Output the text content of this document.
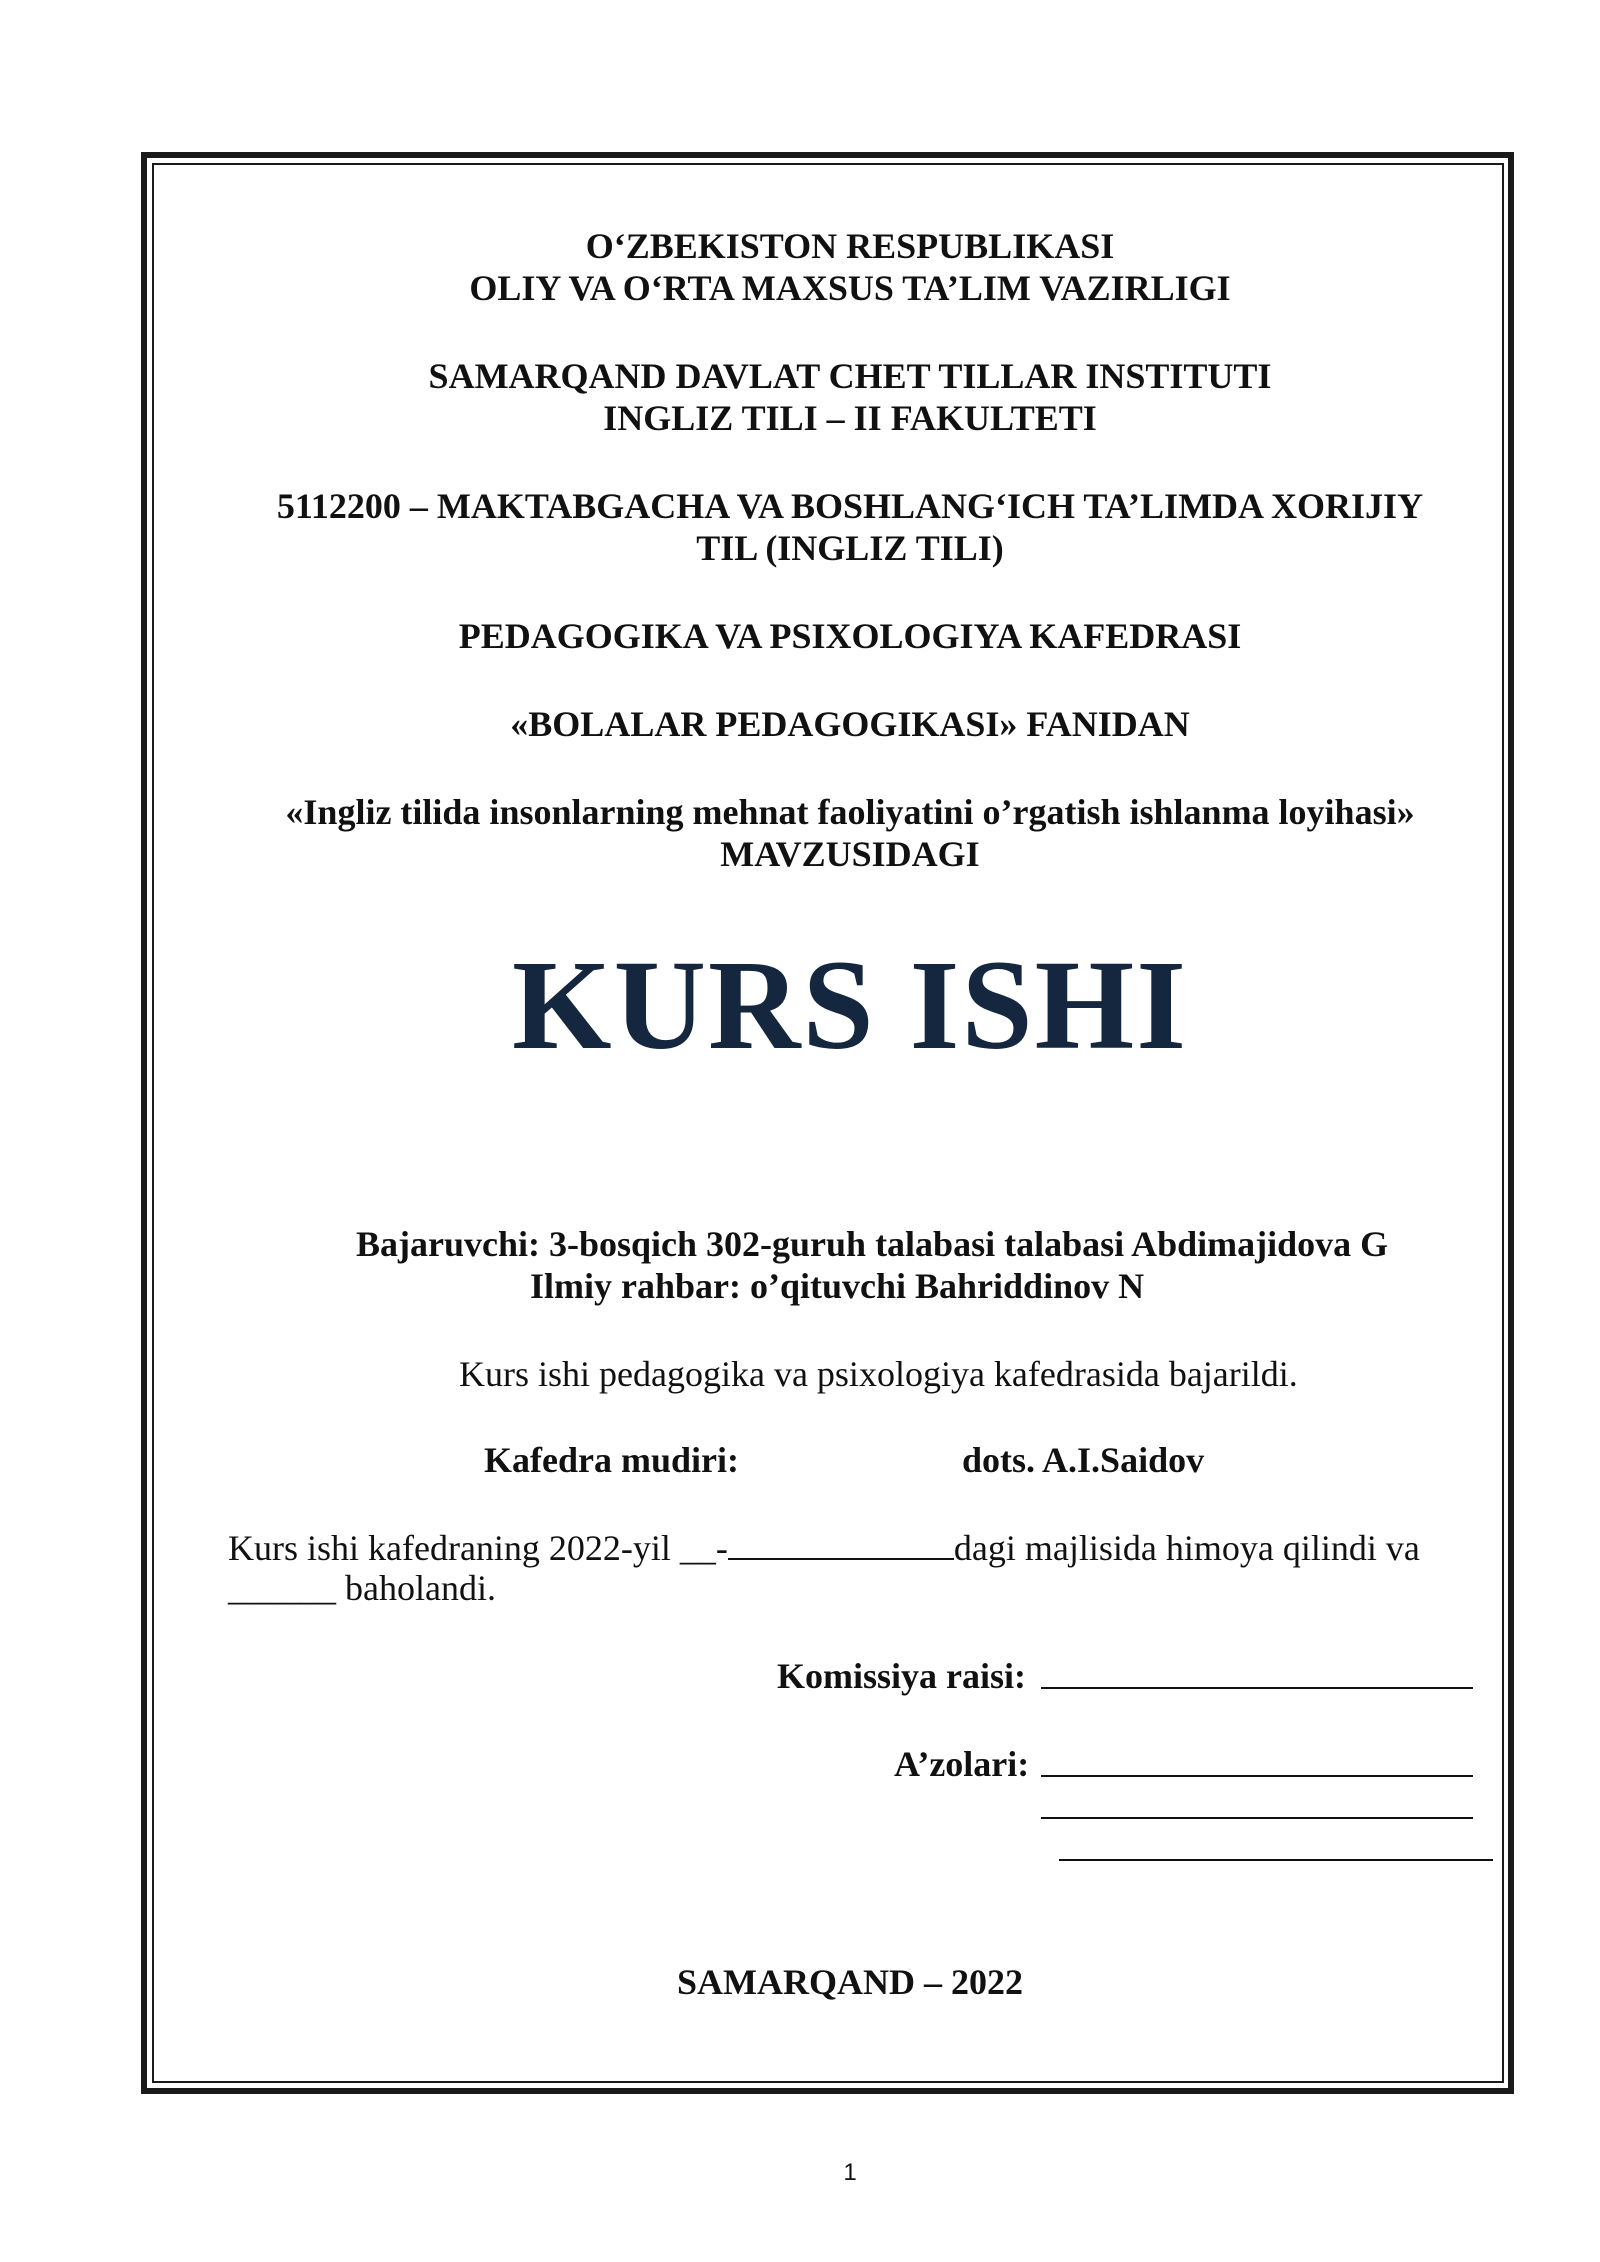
O‘ZBEKISTON RESPUBLIKASI
OLIY VA O‘RTA MAXSUS TA’LIM VAZIRLIGI
SAMARQAND DAVLAT CHET TILLAR INSTITUTI
INGLIZ TILI – II FAKULTETI
5112200 – MAKTABGACHA VA BOSHLANG‘ICH TA’LIMDA XORIJIY
TIL (INGLIZ TILI)
PEDAGOGIKA VA PSIXOLOGIYA KAFEDRASI
«BOLALAR PEDAGOGIKASI» FANIDAN
«Ingliz tilida insonlarning mehnat faoliyatini o’rgatish ishlanma loyihasi»
MAVZUSIDAGI
KURS ISHI
Bajaruvchi: 3-bosqich 302-guruh talabasi talabasi Abdimajidova G
Ilmiy rahbar: o’qituvchi Bahriddinov N
Kurs ishi pedagogika va psixologiya kafedrasida bajarildi.
Kafedra mudiri:	dots. A.I.Saidov
Kurs ishi kafedraning 2022-yil __-	dagi majlisida himoya qilindi va
______ baholandi.
Komissiya raisi:
A’zolari:
SAMARQAND – 2022
1
